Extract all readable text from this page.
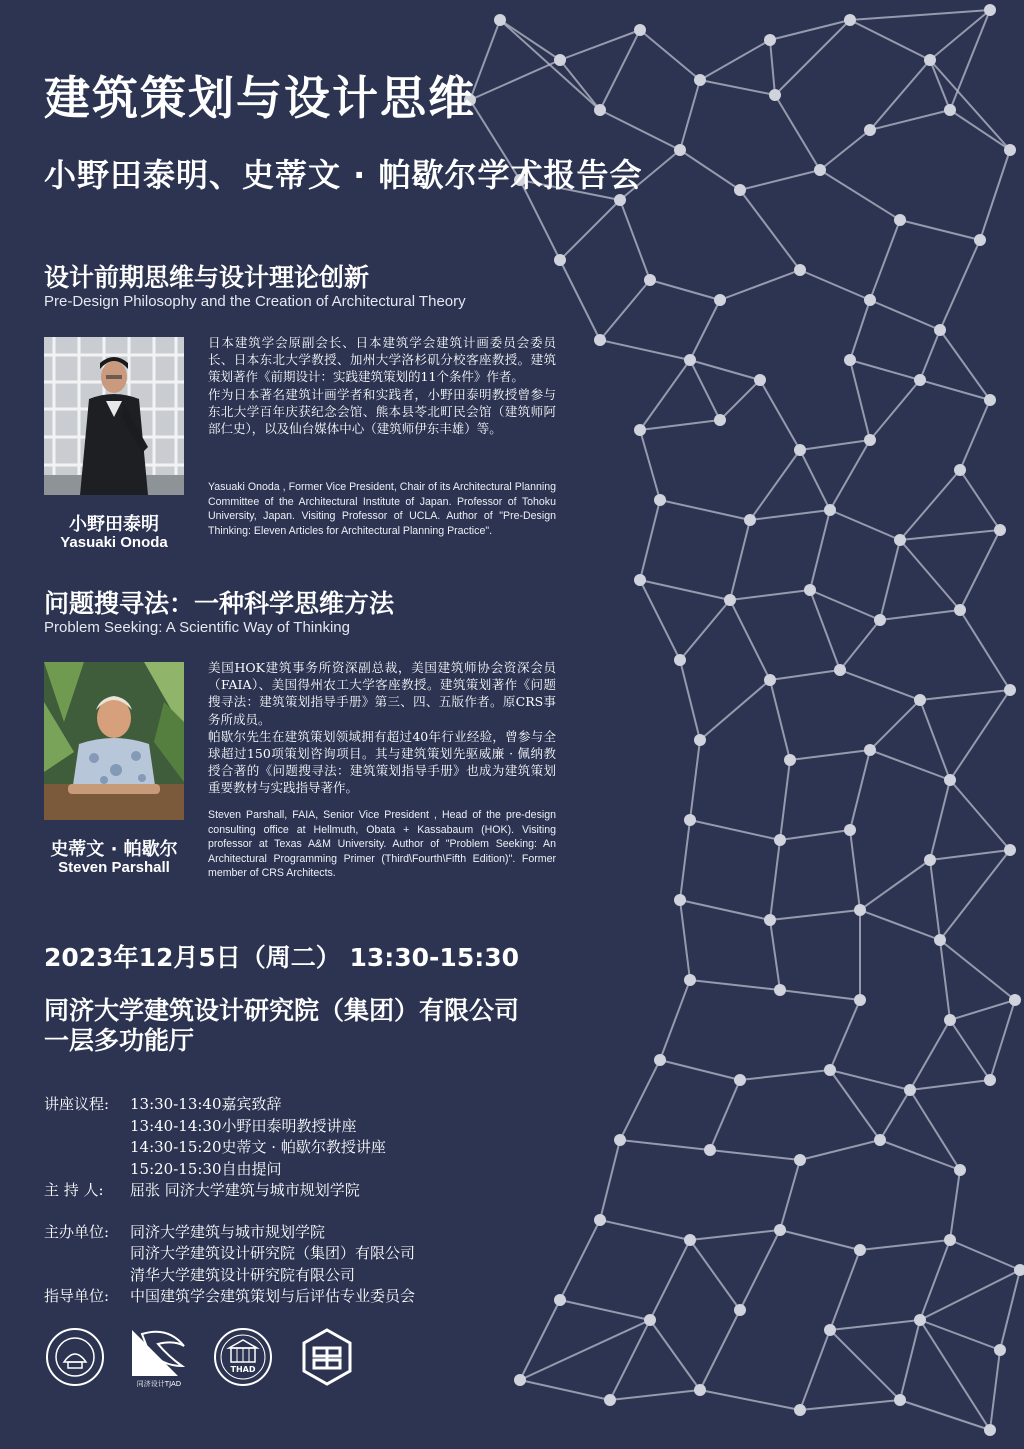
建筑策划与设计思维
小野田泰明、史蒂文 · 帕歇尔学术报告会
设计前期思维与设计理论创新
Pre-Design Philosophy and the Creation of Architectural Theory
日本建筑学会原副会长、日本建筑学会建筑计画委员会委员长、日本东北大学教授、加州大学洛杉矶分校客座教授。建筑策划著作《前期设计：实践建筑策划的11个条件》作者。
作为日本著名建筑计画学者和实践者，小野田泰明教授曾参与东北大学百年庆获纪念会馆、熊本县苓北町民会馆（建筑师阿部仁史），以及仙台媒体中心（建筑师伊东丰雄）等。
Yasuaki Onoda , Former Vice President, Chair of its Architectural Planning Committee of the Architectural Institute of Japan. Professor of Tohoku University, Japan. Visiting Professor of UCLA. Author of "Pre-Design Thinking: Eleven Articles for Architectural Planning Practice".
小野田泰明
Yasuaki Onoda
问题搜寻法：一种科学思维方法
Problem Seeking: A Scientific Way of Thinking
美国HOK建筑事务所资深副总裁，美国建筑师协会资深会员（FAIA）、美国得州农工大学客座教授。建筑策划著作《问题搜寻法：建筑策划指导手册》第三、四、五版作者。原CRS事务所成员。
帕歇尔先生在建筑策划领域拥有超过40年行业经验，曾参与全球超过150项策划咨询项目。其与建筑策划先驱威廉 · 佩纳教授合著的《问题搜寻法：建筑策划指导手册》也成为建筑策划重要教材与实践指导著作。
Steven Parshall, FAIA, Senior Vice President , Head of the pre-design consulting office at Hellmuth, Obata + Kassabaum (HOK). Visiting professor at Texas A&M University. Author of "Problem Seeking: An Architectural Programming Primer (Third\Fourth\Fifth Edition)". Former member of CRS Architects.
史蒂文 · 帕歇尔
Steven Parshall
2023年12月5日（周二） 13:30-15:30
同济大学建筑设计研究院（集团）有限公司
一层多功能厅
讲座议程:	13:30-13:40嘉宾致辞
13:40-14:30小野田泰明教授讲座
14:30-15:20史蒂文 · 帕歇尔教授讲座
15:20-15:30自由提问
主 持 人:	屈张 同济大学建筑与城市规划学院
主办单位:	同济大学建筑与城市规划学院
同济大学建筑设计研究院（集团）有限公司
清华大学建筑设计研究院有限公司
指导单位:	中国建筑学会建筑策划与后评估专业委员会
同济设计TJAD
THAD
